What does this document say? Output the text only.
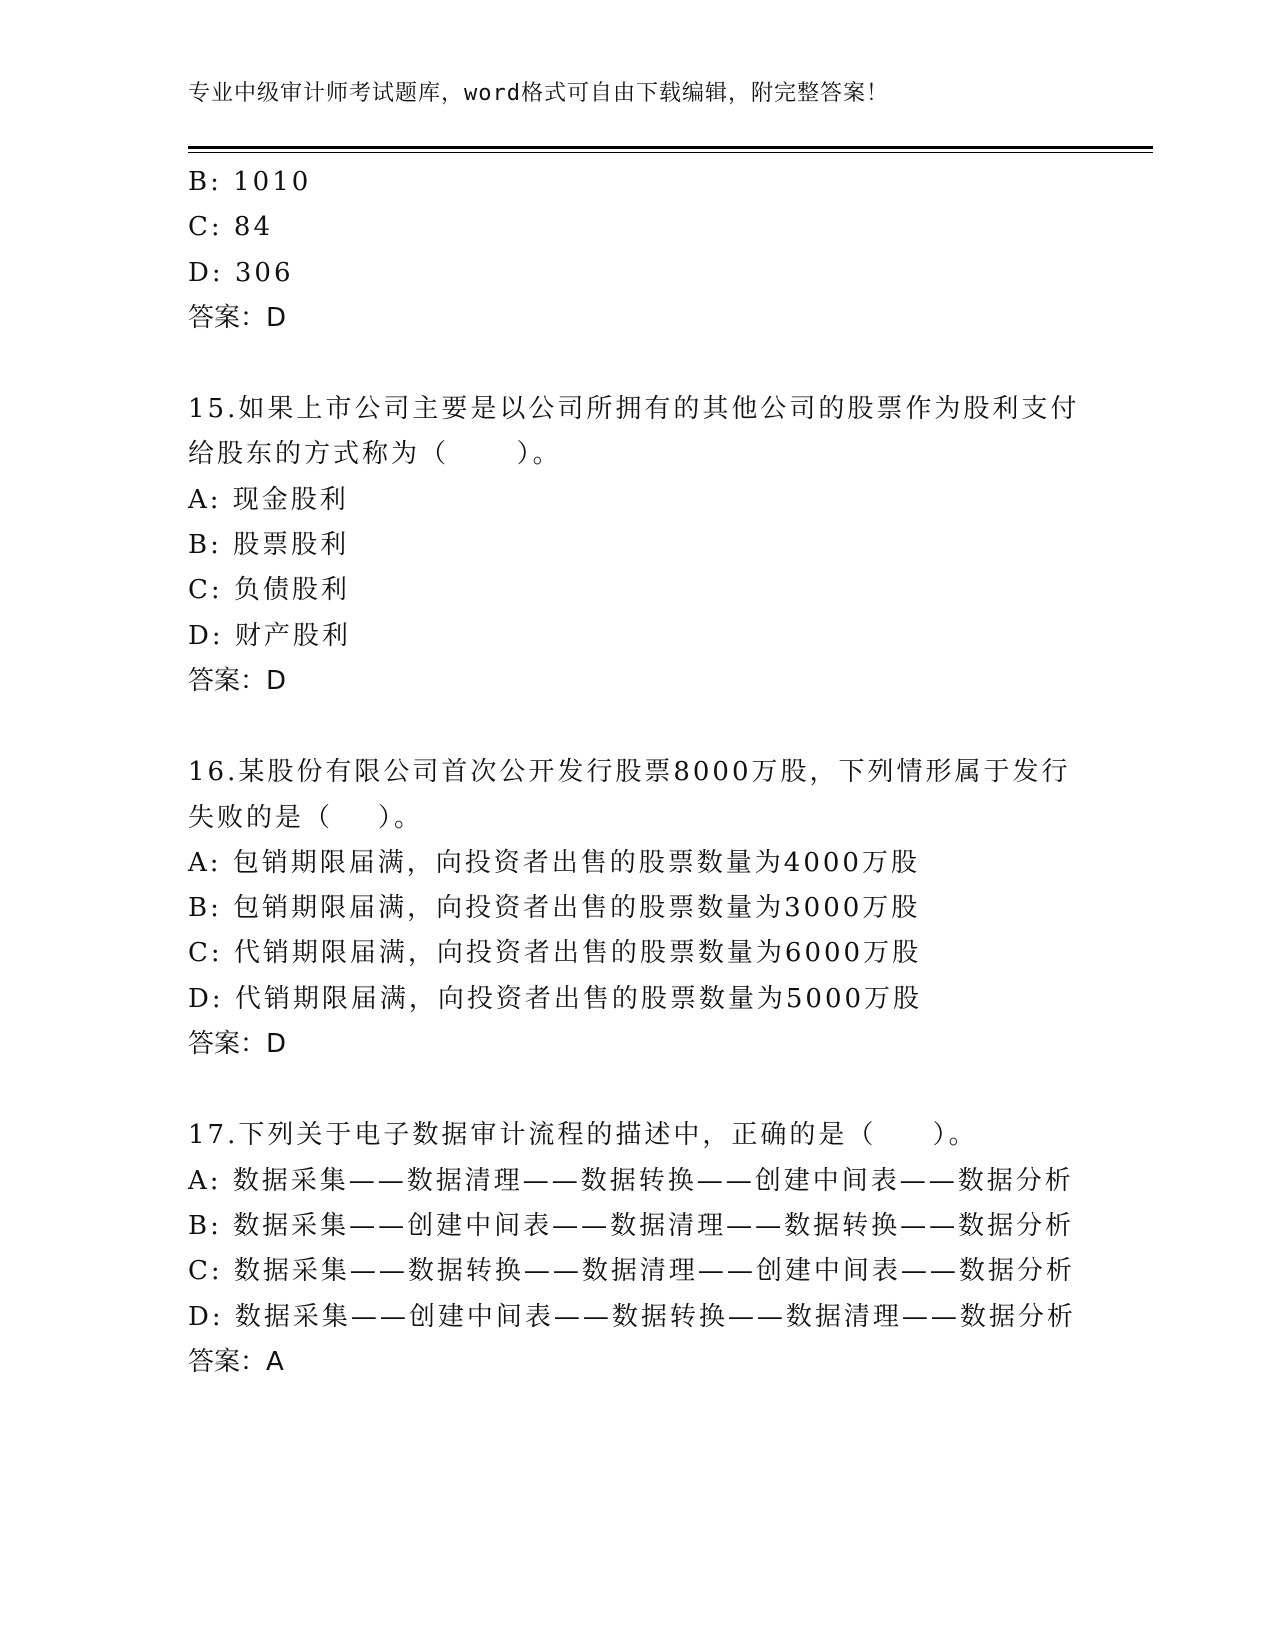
专业中级审计师考试题库，word格式可自由下载编辑，附完整答案！
B: 1010
C: 84
D: 306
答案：D
15.如果上市公司主要是以公司所拥有的其他公司的股票作为股利支付
给股东的方式称为（      ）。
A: 现金股利
B: 股票股利
C: 负债股利
D: 财产股利
答案：D
16.某股份有限公司首次公开发行股票8000万股，下列情形属于发行
失败的是（    ）。
A: 包销期限届满，向投资者出售的股票数量为4000万股
B: 包销期限届满，向投资者出售的股票数量为3000万股
C: 代销期限届满，向投资者出售的股票数量为6000万股
D: 代销期限届满，向投资者出售的股票数量为5000万股
答案：D
17.下列关于电子数据审计流程的描述中，正确的是（     ）。
A: 数据采集——数据清理——数据转换——创建中间表——数据分析
B: 数据采集——创建中间表——数据清理——数据转换——数据分析
C: 数据采集——数据转换——数据清理——创建中间表——数据分析
D: 数据采集——创建中间表——数据转换——数据清理——数据分析
答案：A
